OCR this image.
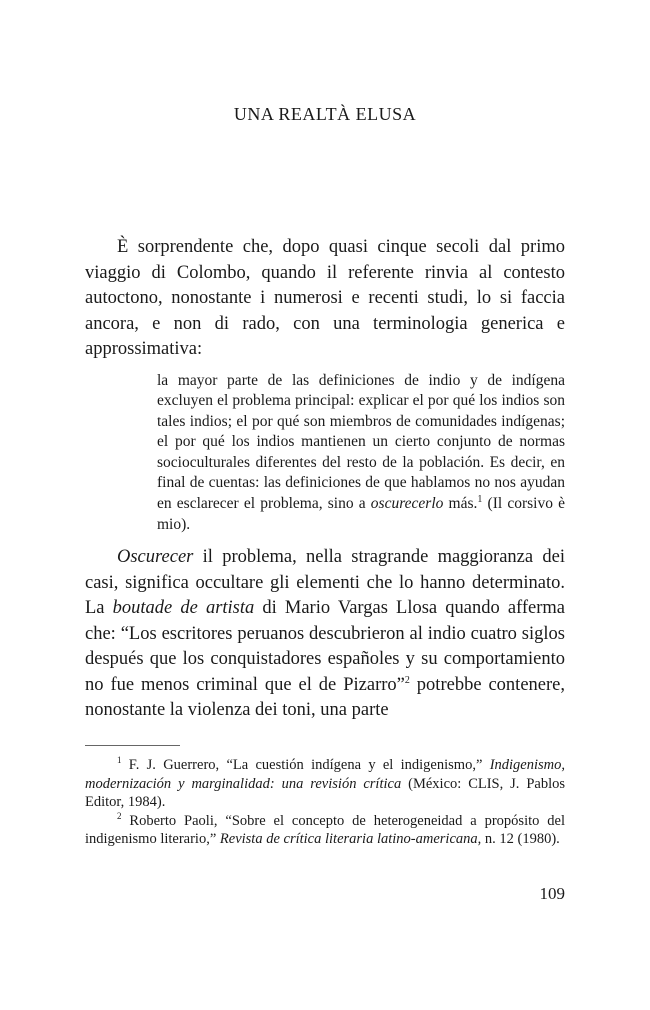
UNA REALTÀ ELUSA

È sorprendente che, dopo quasi cinque secoli dal primo viaggio di Colombo, quando il referente rinvia al contesto autoctono, nonostante i numerosi e recenti studi, lo si faccia ancora, e non di rado, con una terminologia generica e approssimativa:

la mayor parte de las definiciones de indio y de indígena excluyen el problema principal: explicar el por qué los indios son tales indios; el por qué son miembros de comunidades indígenas; el por qué los indios mantienen un cierto conjunto de normas socioculturales diferentes del resto de la población. Es decir, en final de cuentas: las definiciones de que hablamos no nos ayudan en esclarecer el problema, sino a oscurecerlo más.$^1$ (Il corsivo è mio).

Oscurecer il problema, nella stragrande maggioranza dei casi, significa occultare gli elementi che lo hanno determinato. La boutade de artista di Mario Vargas Llosa quando afferma che: “Los escritores peruanos descubrieron al indio cuatro siglos después que los conquistadores españoles y su comportamiento no fue menos criminal que el de Pizarro”$^2$ potrebbe contenere, nonostante la violenza dei toni, una parte

$^1$ F. J. Guerrero, “La cuestión indígena y el indigenismo,” Indigenismo, modernización y marginalidad: una revisión crítica (México: CLIS, J. Pablos Editor, 1984).

$^2$ Roberto Paoli, “Sobre el concepto de heterogeneidad a propósito del indigenismo literario,” Revista de crítica literaria latino-americana, n. 12 (1980).

109
